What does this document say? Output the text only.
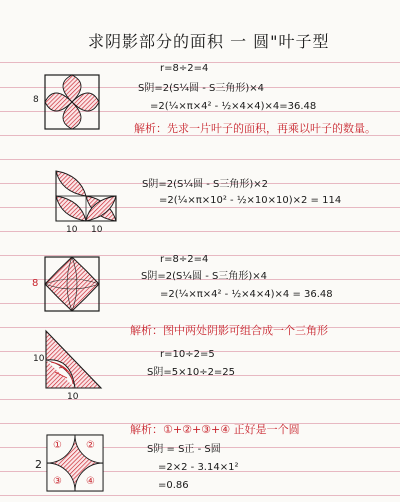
求阴影部分的面积 一 圆"叶子型
8
r=8÷2=4
S阴=2(S¼圆 - S三角形)×4
=2(¼×π×4² - ½×4×4)×4=36.48
解析：先求一片叶子的面积，再乘以叶子的数量。
10 10
S阴=2(S¼圆 - S三角形)×2
=2(¼×π×10² - ½×10×10)×2 = 114
8
r=8÷2=4
S阴=2(S¼圆 - S三角形)×4
=2(¼×π×4² - ½×4×4)×4 = 36.48
10
10
解析：图中两处阴影可组合成一个三角形
r=10÷2=5
S阴=5×10÷2=25
① ②
③ ④
2
解析：①+②+③+④ 正好是一个圆
S阴 = S正 - S圆
=2×2 - 3.14×1²
=0.86
